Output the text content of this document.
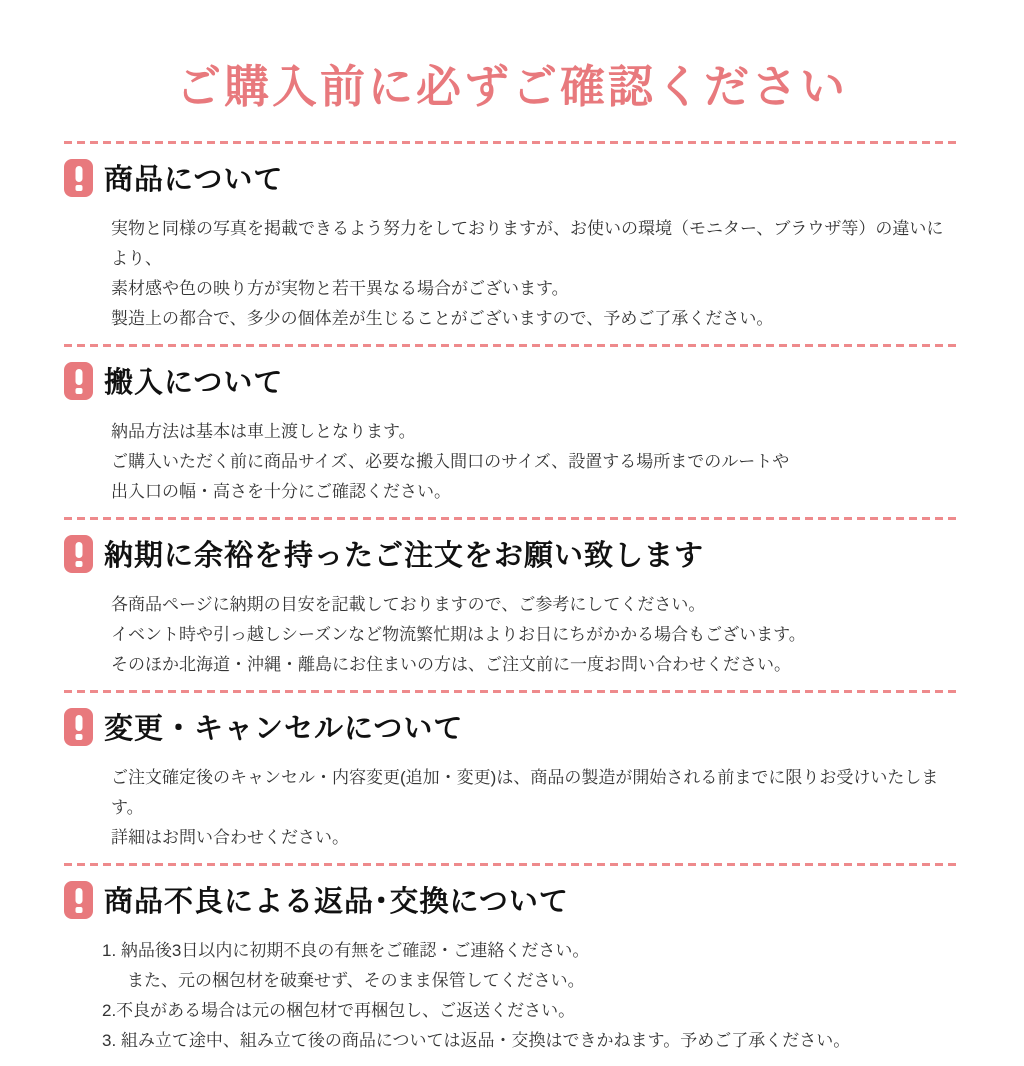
ご購入前に必ずご確認ください
商品について

実物と同様の写真を掲載できるよう努力をしておりますが、お使いの環境（モニター、ブラウザ等）の違いにより、

素材感や色の映り方が実物と若干異なる場合がございます。

製造上の都合で、多少の個体差が生じることがございますので、予めご了承ください。

搬入について

納品方法は基本は車上渡しとなります。

ご購入いただく前に商品サイズ、必要な搬入間口のサイズ、設置する場所までのルートや

出入口の幅・高さを十分にご確認ください。

納期に余裕を持ったご注文をお願い致します

各商品ページに納期の目安を記載しておりますので、ご参考にしてください。

イベント時や引っ越しシーズンなど物流繁忙期はよりお日にちがかかる場合もございます。

そのほか北海道・沖縄・離島にお住まいの方は、ご注文前に一度お問い合わせください。

変更・キャンセルについて

ご注文確定後のキャンセル・内容変更(追加・変更)は、商品の製造が開始される前までに限りお受けいたします。

詳細はお問い合わせください。

商品不良による返品･交換について

1. 納品後3日以内に初期不良の有無をご確認・ご連絡ください。

また、元の梱包材を破棄せず、そのまま保管してください。

2.不良がある場合は元の梱包材で再梱包し、ご返送ください。

3. 組み立て途中、組み立て後の商品については返品・交換はできかねます。予めご了承ください。
